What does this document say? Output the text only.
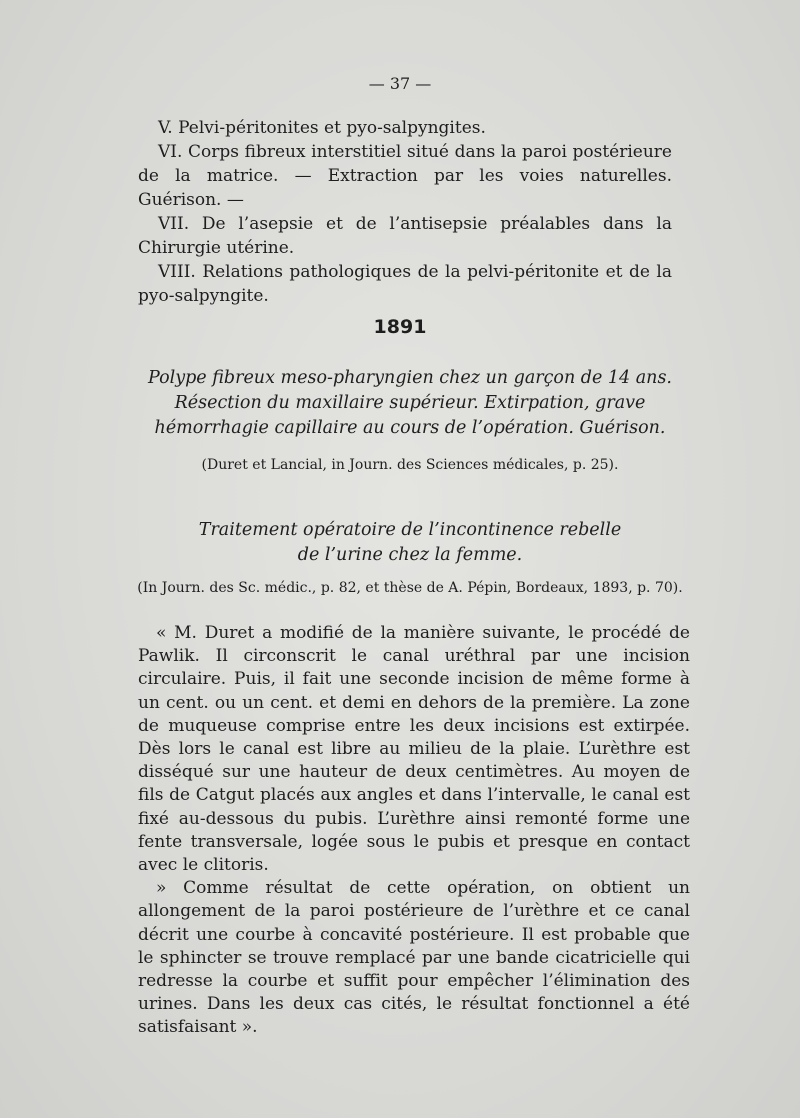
— 37 —

V. Pelvi-péritonites et pyo-salpyngites.

VI. Corps fibreux interstitiel situé dans la paroi postérieure de la matrice. — Extraction par les voies naturelles. Guérison. —

VII. De l’asepsie et de l’antisepsie préalables dans la Chirurgie utérine.

VIII. Relations pathologiques de la pelvi-péritonite et de la pyo-salpyngite.

1891
Polype fibreux meso-pharyngien chez un garçon de 14 ans. Résection du maxillaire supérieur. Extirpation, grave hémorrhagie capillaire au cours de l’opération. Guérison.
(Duret et Lancial, in Journ. des Sciences médicales, p. 25).
Traitement opératoire de l’incontinence rebelle de l’urine chez la femme.
(In Journ. des Sc. médic., p. 82, et thèse de A. Pépin, Bordeaux, 1893, p. 70).

« M. Duret a modifié de la manière suivante, le procédé de Pawlik. Il circonscrit le canal uréthral par une incision circulaire. Puis, il fait une seconde incision de même forme à un cent. ou un cent. et demi en dehors de la première. La zone de muqueuse comprise entre les deux incisions est extirpée. Dès lors le canal est libre au milieu de la plaie. L’urèthre est disséqué sur une hauteur de deux centimètres. Au moyen de fils de Catgut placés aux angles et dans l’intervalle, le canal est fixé au-dessous du pubis. L’urèthre ainsi remonté forme une fente transversale, logée sous le pubis et presque en contact avec le clitoris.

» Comme résultat de cette opération, on obtient un allongement de la paroi postérieure de l’urèthre et ce canal décrit une courbe à concavité postérieure. Il est probable que le sphincter se trouve remplacé par une bande cicatricielle qui redresse la courbe et suffit pour empêcher l’élimination des urines. Dans les deux cas cités, le résultat fonctionnel a été satisfaisant ».
